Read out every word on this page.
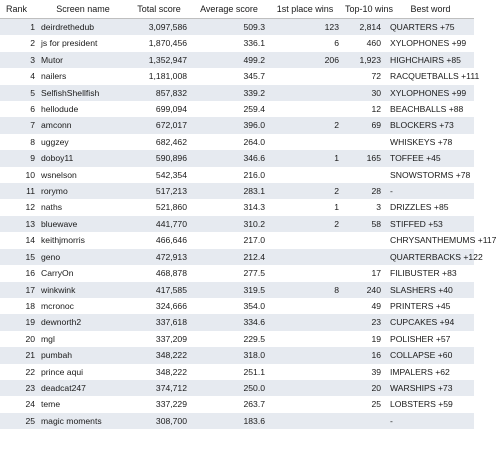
Rank	Screen name	Total score	Average score	1st place wins	Top-10 wins	Best word
1	deirdrethedub	3,097,586	509.3	123	2,814	QUARTERS +75
2	js for president	1,870,456	336.1	6	460	XYLOPHONES +99
3	Mutor	1,352,947	499.2	206	1,923	HIGHCHAIRS +85
4	nailers	1,181,008	345.7		72	RACQUETBALLS +111
5	SelfishShellfish	857,832	339.2		30	XYLOPHONES +99
6	hellodude	699,094	259.4		12	BEACHBALLS +88
7	amconn	672,017	396.0	2	69	BLOCKERS +73
8	uggzey	682,462	264.0			WHISKEYS +78
9	doboy11	590,896	346.6	1	165	TOFFEE +45
10	wsnelson	542,354	216.0			SNOWSTORMS +78
11	rorymo	517,213	283.1	2	28	-
12	naths	521,860	314.3	1	3	DRIZZLES +85
13	bluewave	441,770	310.2	2	58	STIFFED +53
14	keithjmorris	466,646	217.0			CHRYSANTHEMUMS +117
15	geno	472,913	212.4			QUARTERBACKS +122
16	CarryOn	468,878	277.5		17	FILIBUSTER +83
17	winkwink	417,585	319.5	8	240	SLASHERS +40
18	mcronoc	324,666	354.0		49	PRINTERS +45
19	dewnorth2	337,618	334.6		23	CUPCAKES +94
20	mgl	337,209	229.5		19	POLISHER +57
21	pumbah	348,222	318.0		16	COLLAPSE +60
22	prince aqui	348,222	251.1		39	IMPALERS +62
23	deadcat247	374,712	250.0		20	WARSHIPS +73
24	teme	337,229	263.7		25	LOBSTERS +59
25	magic moments	308,700	183.6			-
